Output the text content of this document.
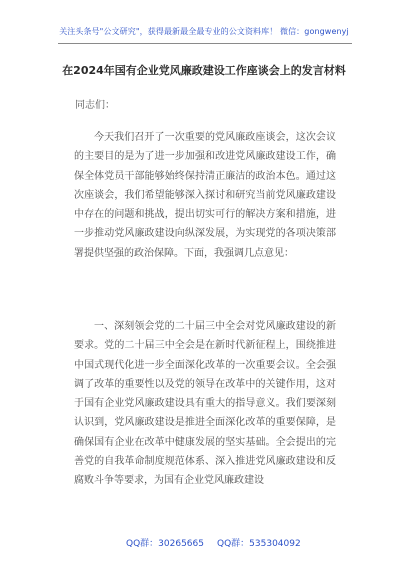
关注头条号"公文研究"，获得最新最全最专业的公文资料库！ 微信：gongwenyj
在2024年国有企业党风廉政建设工作座谈会上的发言材料
同志们：

今天我们召开了一次重要的党风廉政座谈会，这次会议的主要目的是为了进一步加强和改进党风廉政建设工作，确保全体党员干部能够始终保持清正廉洁的政治本色。通过这次座谈会，我们希望能够深入探讨和研究当前党风廉政建设中存在的问题和挑战，提出切实可行的解决方案和措施，进一步推动党风廉政建设向纵深发展，为实现党的各项决策部署提供坚强的政治保障。下面，我强调几点意见：

一、深刻领会党的二十届三中全会对党风廉政建设的新要求。党的二十届三中全会是在新时代新征程上，围绕推进中国式现代化进一步全面深化改革的一次重要会议。全会强调了改革的重要性以及党的领导在改革中的关键作用，这对于国有企业党风廉政建设具有重大的指导意义。我们要深刻认识到，党风廉政建设是推进全面深化改革的重要保障，是确保国有企业在改革中健康发展的坚实基础。全会提出的完善党的自我革命制度规范体系、深入推进党风廉政建设和反腐败斗争等要求，为国有企业党风廉政建设

QQ群：30265665 QQ群：535304092
